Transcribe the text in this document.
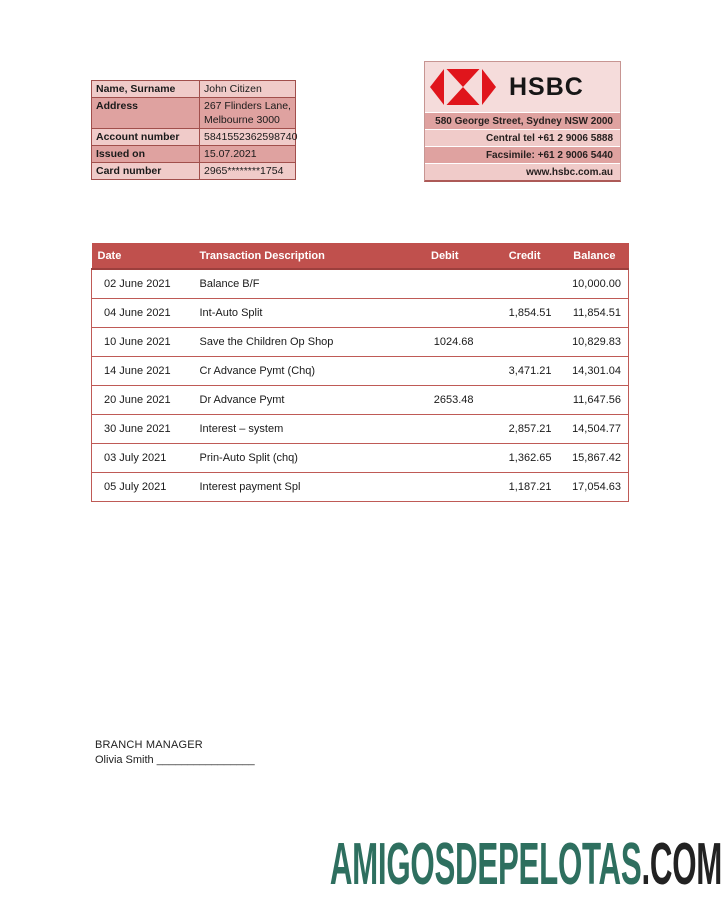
Name, Surname	John Citizen
Address	267 Flinders Lane,
Melbourne 3000
Account number	5841552362598740
Issued on	15.07.2021
Card number	2965********1754
HSBC
580 George Street, Sydney NSW 2000
Central tel +61 2 9006 5888
Facsimile: +61 2 9006 5440
www.hsbc.com.au
Date	Transaction Description	Debit	Credit	Balance
02 June 2021	Balance B/F			10,000.00
04 June 2021	Int-Auto Split		1,854.51	11,854.51
10 June 2021	Save the Children Op Shop	1024.68		10,829.83
14 June 2021	Cr Advance Pymt (Chq)		3,471.21	14,301.04
20 June 2021	Dr Advance Pymt	2653.48		11,647.56
30 June 2021	Interest – system		2,857.21	14,504.77
03 July 2021	Prin-Auto Split (chq)		1,362.65	15,867.42
05 July 2021	Interest payment Spl		1,187.21	17,054.63
BRANCH MANAGER
Olivia Smith ________________
AMIGOSDEPELOTAS.COM
